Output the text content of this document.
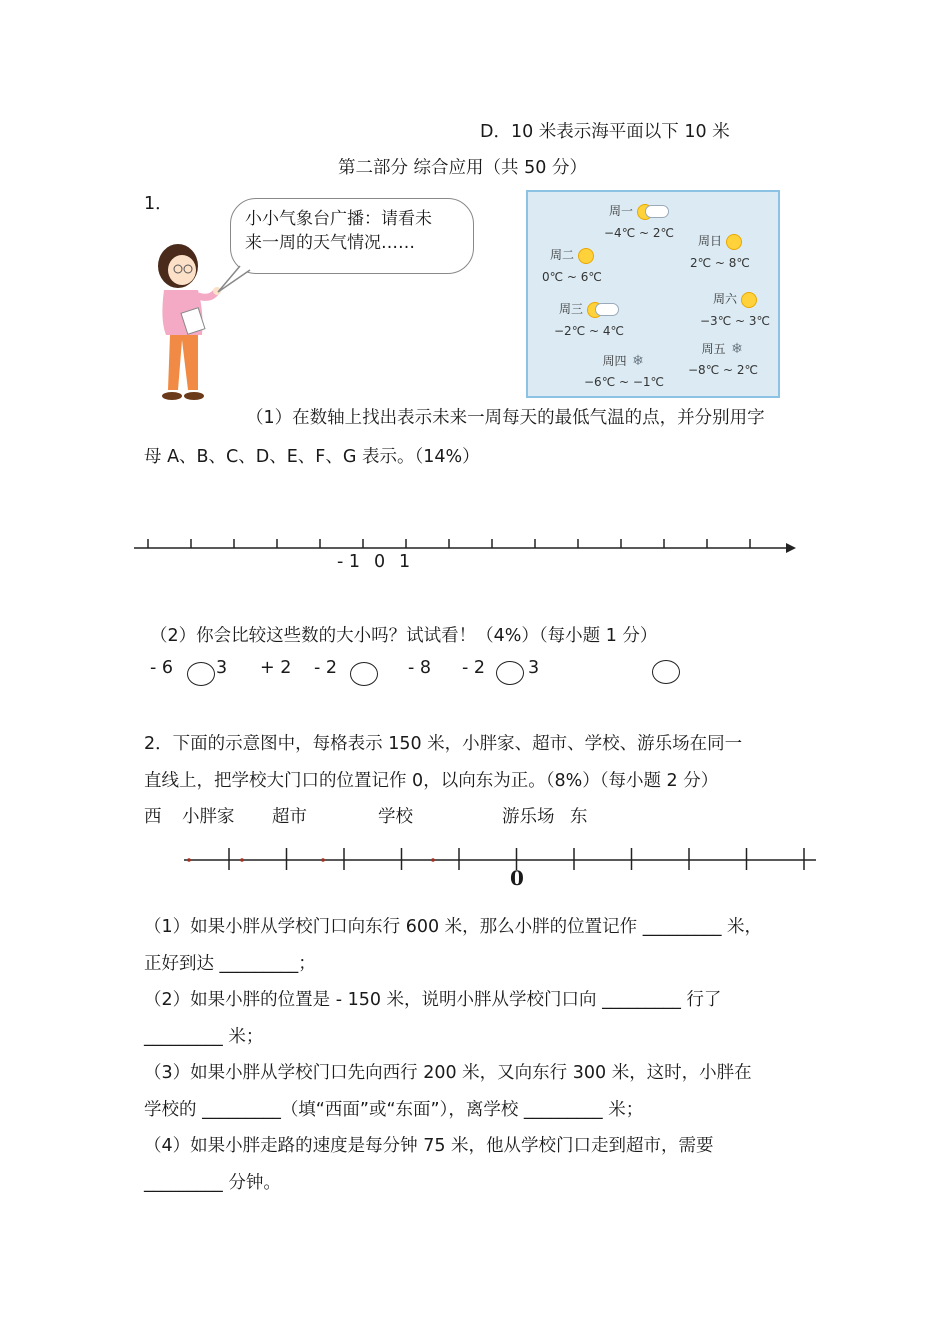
D．10 米表示海平面以下 10 米
第二部分 综合应用（共 50 分）
1．
小小气象台广播：请看未
来一周的天气情况……
周一
−4℃ ~ 2℃
周日
2℃ ~ 8℃
周二
0℃ ~ 6℃
周六
−3℃ ~ 3℃
周三
−2℃ ~ 4℃
周五 ❄
−8℃ ~ 2℃
周四 ❄
−6℃ ~ −1℃
（1）在数轴上找出表示未来一周每天的最低气温的点，并分别用字
母 A、B、C、D、E、F、G 表示。（14%）
- 1 0 1
（2）你会比较这些数的大小吗？试试看！（4%）（每小题 1 分）
- 6 3 + 2 - 2	- 8 - 2 3
2．下面的示意图中，每格表示 150 米，小胖家、超市、学校、游乐场在同一
直线上，把学校大门口的位置记作 0，以向东为正。（8%）（每小题 2 分）
西 小胖家 超市	学校	游乐场 东
0
（1）如果小胖从学校门口向东行 600 米，那么小胖的位置记作 _________ 米，
正好到达 _________；
（2）如果小胖的位置是 - 150 米，说明小胖从学校门口向 _________ 行了
_________ 米；
（3）如果小胖从学校门口先向西行 200 米，又向东行 300 米，这时，小胖在
学校的 _________（填“西面”或“东面”），离学校 _________ 米；
（4）如果小胖走路的速度是每分钟 75 米，他从学校门口走到超市，需要
_________ 分钟。
